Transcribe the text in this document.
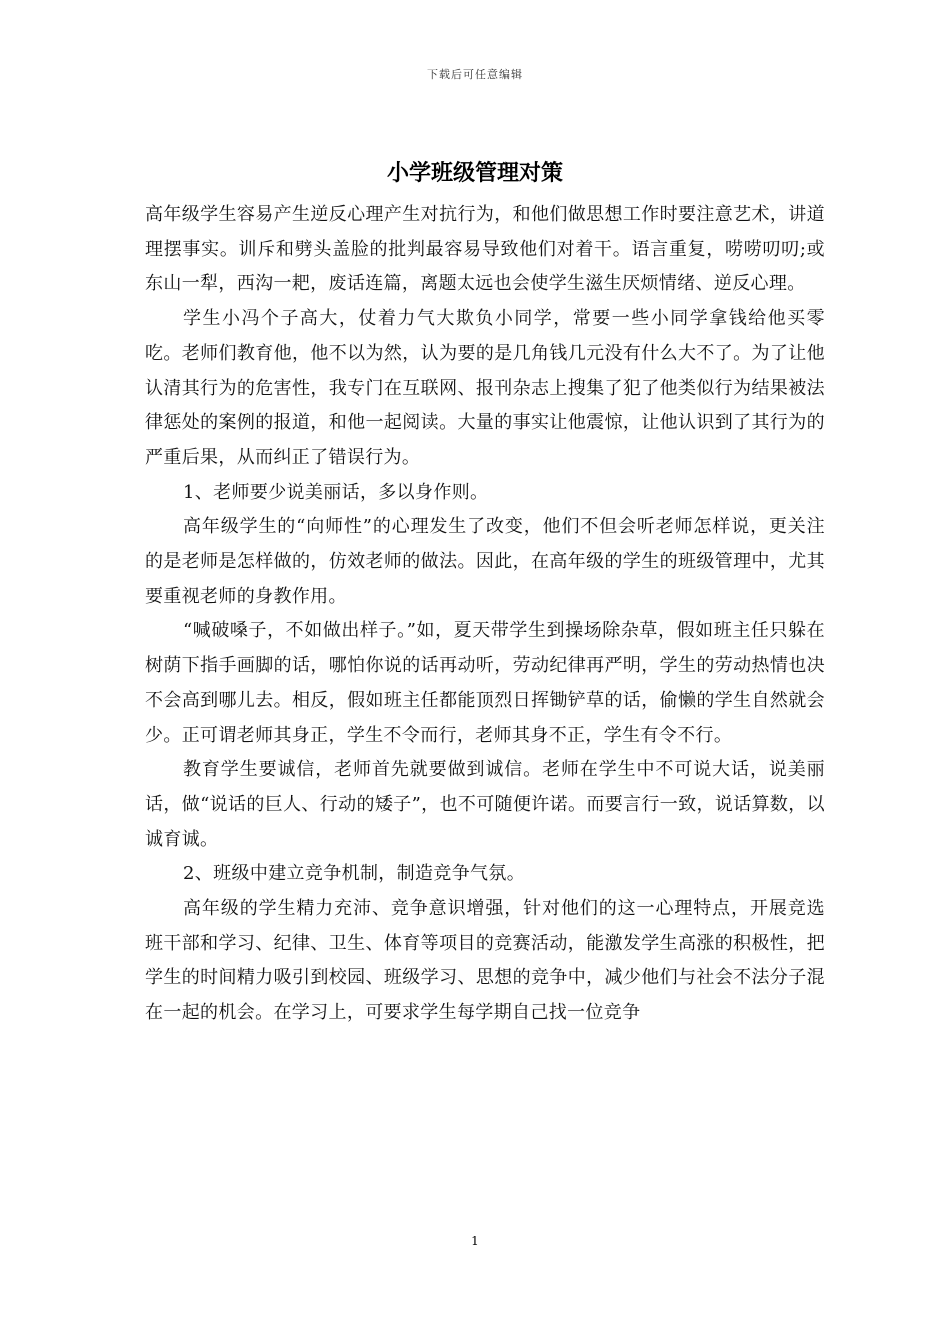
下载后可任意编辑
小学班级管理对策

高年级学生容易产生逆反心理产生对抗行为，和他们做思想工作时要注意艺术，讲道理摆事实。训斥和劈头盖脸的批判最容易导致他们对着干。语言重复，唠唠叨叨;或东山一犁，西沟一耙，废话连篇，离题太远也会使学生滋生厌烦情绪、逆反心理。

学生小冯个子高大，仗着力气大欺负小同学，常要一些小同学拿钱给他买零吃。老师们教育他，他不以为然，认为要的是几角钱几元没有什么大不了。为了让他认清其行为的危害性，我专门在互联网、报刊杂志上搜集了犯了他类似行为结果被法律惩处的案例的报道，和他一起阅读。大量的事实让他震惊，让他认识到了其行为的严重后果，从而纠正了错误行为。

1、老师要少说美丽话，多以身作则。

高年级学生的“向师性”的心理发生了改变，他们不但会听老师怎样说，更关注的是老师是怎样做的，仿效老师的做法。因此，在高年级的学生的班级管理中，尤其要重视老师的身教作用。

“喊破嗓子，不如做出样子。”如，夏天带学生到操场除杂草，假如班主任只躲在树荫下指手画脚的话，哪怕你说的话再动听，劳动纪律再严明，学生的劳动热情也决不会高到哪儿去。相反，假如班主任都能顶烈日挥锄铲草的话，偷懒的学生自然就会少。正可谓老师其身正，学生不令而行，老师其身不正，学生有令不行。

教育学生要诚信，老师首先就要做到诚信。老师在学生中不可说大话，说美丽话，做“说话的巨人、行动的矮子”，也不可随便许诺。而要言行一致，说话算数，以诚育诚。

2、班级中建立竞争机制，制造竞争气氛。

高年级的学生精力充沛、竞争意识增强，针对他们的这一心理特点，开展竞选班干部和学习、纪律、卫生、体育等项目的竞赛活动，能激发学生高涨的积极性，把学生的时间精力吸引到校园、班级学习、思想的竞争中，减少他们与社会不法分子混在一起的机会。在学习上，可要求学生每学期自己找一位竞争

1
